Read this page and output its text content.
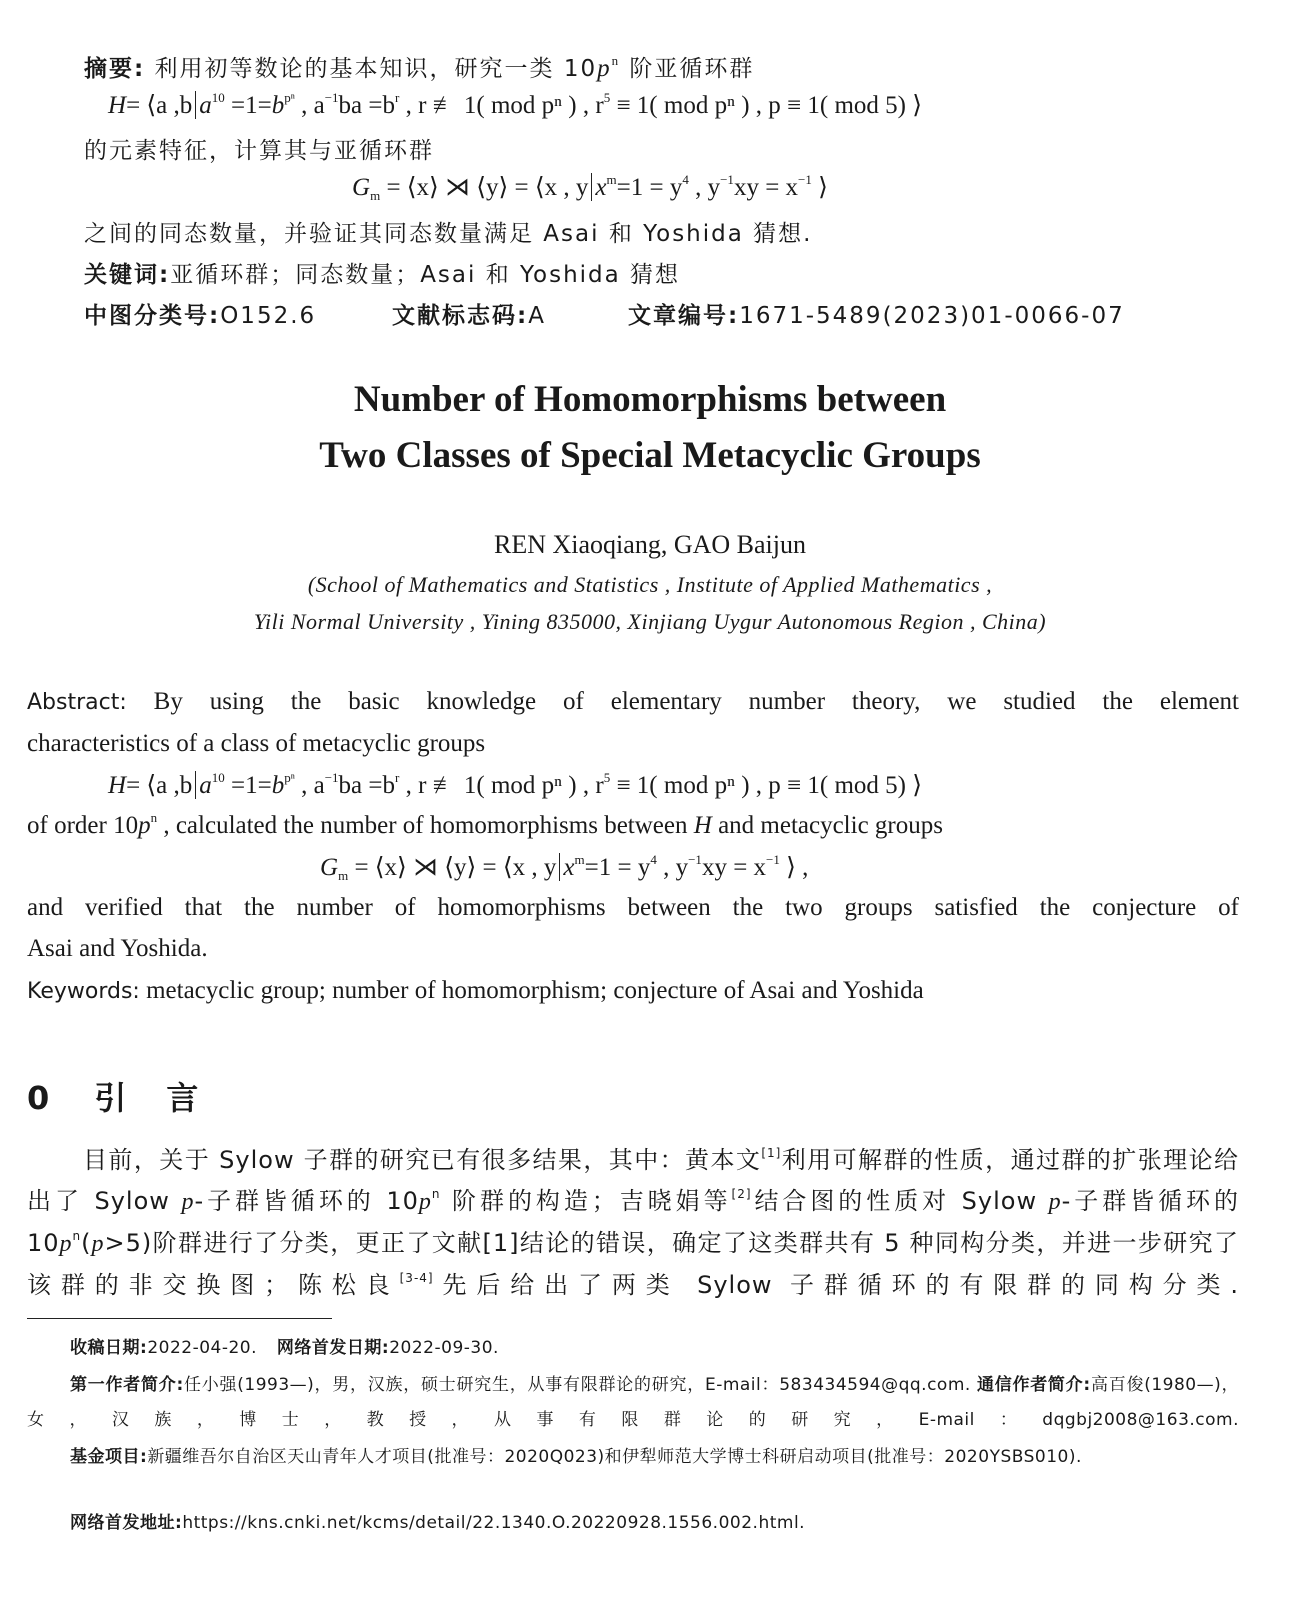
摘要: 利用初等数论的基本知识，研究一类 $10p^n$ 阶亚循环群
H= ⟨a ,b $a^{10} =1=b^{p^n}$ , $a^{-1}ba =b^r$ , r ≢ 1( mod pⁿ ) , $r^5 \equiv 1$( mod pⁿ ) , p ≡ 1( mod 5) ⟩
的元素特征，计算其与亚循环群
$G_m$ = ⟨x⟩ ⋊ ⟨y⟩ = ⟨x , y $x^m=1 = y^4$ , $y^{-1}xy = x^{-1}$ ⟩
之间的同态数量，并验证其同态数量满足 Asai 和 Yoshida 猜想.
关键词:亚循环群；同态数量；Asai 和 Yoshida 猜想
中图分类号:O152.6	文献标志码:A	文章编号:1671-5489(2023)01-0066-07
Number of Homomorphisms between
Two Classes of Special Metacyclic Groups
REN Xiaoqiang, GAO Baijun
(School of Mathematics and Statistics , Institute of Applied Mathematics ,
Yili Normal University , Yining 835000, Xinjiang Uygur Autonomous Region , China)
Abstract: By using the basic knowledge of elementary number theory, we studied the element
characteristics of a class of metacyclic groups
H= ⟨a ,b $a^{10} =1=b^{p^n}$ , $a^{-1}ba =b^r$ , r ≢ 1( mod pⁿ ) , $r^5 \equiv 1$( mod pⁿ ) , p ≡ 1( mod 5) ⟩
of order $10p^n$ , calculated the number of homomorphisms between H and metacyclic groups
$G_m$ = ⟨x⟩ ⋊ ⟨y⟩ = ⟨x , y $x^m=1 = y^4$ , $y^{-1}xy = x^{-1}$ ⟩ ,
and verified that the number of homomorphisms between the two groups satisfied the conjecture of
Asai and Yoshida.
Keywords: metacyclic group; number of homomorphism; conjecture of Asai and Yoshida
0 引　言
目前，关于 Sylow 子群的研究已有很多结果，其中：黄本文[1]利用可解群的性质，通过群的扩张理论给出了 Sylow p-子群皆循环的 $10p^n$ 阶群的构造；吉晓娟等[2]结合图的性质对 Sylow p-子群皆循环的 $10p^n(p>5)$阶群进行了分类，更正了文献[1]结论的错误，确定了这类群共有 5 种同构分类，并进一步研究了该群的非交换图；陈松良[3-4]先后给出了两类 Sylow 子群循环的有限群的同构分类.
收稿日期:2022-04-20. 网络首发日期:2022-09-30.
第一作者简介:任小强(1993—)，男，汉族，硕士研究生，从事有限群论的研究，E-mail：583434594@qq.com. 通信作者简介:高百俊(1980—)，女，汉族，博士，教授，从事有限群论的研究，E-mail：dqgbj2008@163.com.
基金项目:新疆维吾尔自治区天山青年人才项目(批准号：2020Q023)和伊犁师范大学博士科研启动项目(批准号：2020YSBS010).
网络首发地址:https://kns.cnki.net/kcms/detail/22.1340.O.20220928.1556.002.html.
